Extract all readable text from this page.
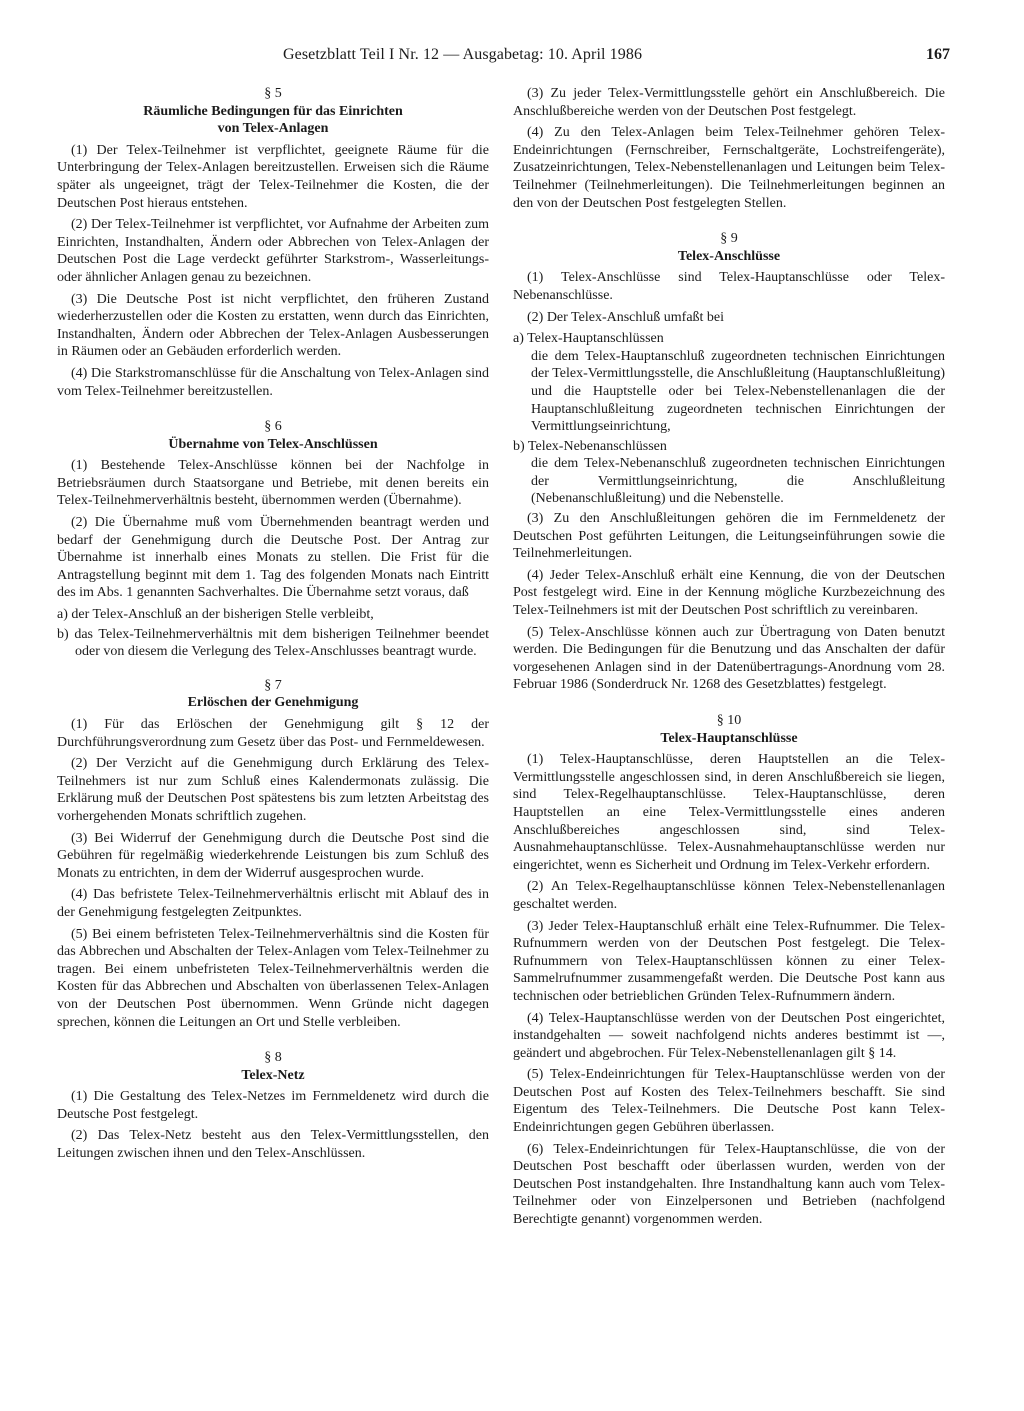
Gesetzblatt Teil I Nr. 12 — Ausgabetag: 10. April 1986	167
§ 5
Räumliche Bedingungen für das Einrichten
von Telex-Anlagen

(1) Der Telex-Teilnehmer ist verpflichtet, geeignete Räume für die Unterbringung der Telex-Anlagen bereitzustellen. Erweisen sich die Räume später als ungeeignet, trägt der Telex-Teilnehmer die Kosten, die der Deutschen Post hieraus entstehen.

(2) Der Telex-Teilnehmer ist verpflichtet, vor Aufnahme der Arbeiten zum Einrichten, Instandhalten, Ändern oder Abbrechen von Telex-Anlagen der Deutschen Post die Lage verdeckt geführter Starkstrom-, Wasserleitungs- oder ähnlicher Anlagen genau zu bezeichnen.

(3) Die Deutsche Post ist nicht verpflichtet, den früheren Zustand wiederherzustellen oder die Kosten zu erstatten, wenn durch das Einrichten, Instandhalten, Ändern oder Abbrechen der Telex-Anlagen Ausbesserungen in Räumen oder an Gebäuden erforderlich werden.

(4) Die Starkstromanschlüsse für die Anschaltung von Telex-Anlagen sind vom Telex-Teilnehmer bereitzustellen.

§ 6
Übernahme von Telex-Anschlüssen

(1) Bestehende Telex-Anschlüsse können bei der Nachfolge in Betriebsräumen durch Staatsorgane und Betriebe, mit denen bereits ein Telex-Teilnehmerverhältnis besteht, übernommen werden (Übernahme).

(2) Die Übernahme muß vom Übernehmenden beantragt werden und bedarf der Genehmigung durch die Deutsche Post. Der Antrag zur Übernahme ist innerhalb eines Monats zu stellen. Die Frist für die Antragstellung beginnt mit dem 1. Tag des folgenden Monats nach Eintritt des im Abs. 1 genannten Sachverhaltes. Die Übernahme setzt voraus, daß

a) der Telex-Anschluß an der bisherigen Stelle verbleibt,
b) das Telex-Teilnehmerverhältnis mit dem bisherigen Teilnehmer beendet oder von diesem die Verlegung des Telex-Anschlusses beantragt wurde.
§ 7
Erlöschen der Genehmigung

(1) Für das Erlöschen der Genehmigung gilt § 12 der Durchführungsverordnung zum Gesetz über das Post- und Fernmeldewesen.

(2) Der Verzicht auf die Genehmigung durch Erklärung des Telex-Teilnehmers ist nur zum Schluß eines Kalendermonats zulässig. Die Erklärung muß der Deutschen Post spätestens bis zum letzten Arbeitstag des vorhergehenden Monats schriftlich zugehen.

(3) Bei Widerruf der Genehmigung durch die Deutsche Post sind die Gebühren für regelmäßig wiederkehrende Leistungen bis zum Schluß des Monats zu entrichten, in dem der Widerruf ausgesprochen wurde.

(4) Das befristete Telex-Teilnehmerverhältnis erlischt mit Ablauf des in der Genehmigung festgelegten Zeitpunktes.

(5) Bei einem befristeten Telex-Teilnehmerverhältnis sind die Kosten für das Abbrechen und Abschalten der Telex-Anlagen vom Telex-Teilnehmer zu tragen. Bei einem unbefristeten Telex-Teilnehmerverhältnis werden die Kosten für das Abbrechen und Abschalten von überlassenen Telex-Anlagen von der Deutschen Post übernommen. Wenn Gründe nicht dagegen sprechen, können die Leitungen an Ort und Stelle verbleiben.

§ 8
Telex-Netz

(1) Die Gestaltung des Telex-Netzes im Fernmeldenetz wird durch die Deutsche Post festgelegt.

(2) Das Telex-Netz besteht aus den Telex-Vermittlungsstellen, den Leitungen zwischen ihnen und den Telex-Anschlüssen.

(3) Zu jeder Telex-Vermittlungsstelle gehört ein Anschlußbereich. Die Anschlußbereiche werden von der Deutschen Post festgelegt.

(4) Zu den Telex-Anlagen beim Telex-Teilnehmer gehören Telex-Endeinrichtungen (Fernschreiber, Fernschaltgeräte, Lochstreifengeräte), Zusatzeinrichtungen, Telex-Nebenstellenanlagen und Leitungen beim Telex-Teilnehmer (Teilnehmerleitungen). Die Teilnehmerleitungen beginnen an den von der Deutschen Post festgelegten Stellen.

§ 9
Telex-Anschlüsse

(1) Telex-Anschlüsse sind Telex-Hauptanschlüsse oder Telex-Nebenanschlüsse.

(2) Der Telex-Anschluß umfaßt bei

a) Telex-Hauptanschlüssen
die dem Telex-Hauptanschluß zugeordneten technischen Einrichtungen der Telex-Vermittlungsstelle, die Anschlußleitung (Hauptanschlußleitung) und die Hauptstelle oder bei Telex-Nebenstellenanlagen die der Hauptanschlußleitung zugeordneten technischen Einrichtungen der Vermittlungseinrichtung,
b) Telex-Nebenanschlüssen
die dem Telex-Nebenanschluß zugeordneten technischen Einrichtungen der Vermittlungseinrichtung, die Anschlußleitung (Nebenanschlußleitung) und die Nebenstelle.

(3) Zu den Anschlußleitungen gehören die im Fernmeldenetz der Deutschen Post geführten Leitungen, die Leitungseinführungen sowie die Teilnehmerleitungen.

(4) Jeder Telex-Anschluß erhält eine Kennung, die von der Deutschen Post festgelegt wird. Eine in der Kennung mögliche Kurzbezeichnung des Telex-Teilnehmers ist mit der Deutschen Post schriftlich zu vereinbaren.

(5) Telex-Anschlüsse können auch zur Übertragung von Daten benutzt werden. Die Bedingungen für die Benutzung und das Anschalten der dafür vorgesehenen Anlagen sind in der Datenübertragungs-Anordnung vom 28. Februar 1986 (Sonderdruck Nr. 1268 des Gesetzblattes) festgelegt.

§ 10
Telex-Hauptanschlüsse

(1) Telex-Hauptanschlüsse, deren Hauptstellen an die Telex-Vermittlungsstelle angeschlossen sind, in deren Anschlußbereich sie liegen, sind Telex-Regelhauptanschlüsse. Telex-Hauptanschlüsse, deren Hauptstellen an eine Telex-Vermittlungsstelle eines anderen Anschlußbereiches angeschlossen sind, sind Telex-Ausnahmehauptanschlüsse. Telex-Ausnahmehauptanschlüsse werden nur eingerichtet, wenn es Sicherheit und Ordnung im Telex-Verkehr erfordern.

(2) An Telex-Regelhauptanschlüsse können Telex-Nebenstellenanlagen geschaltet werden.

(3) Jeder Telex-Hauptanschluß erhält eine Telex-Rufnummer. Die Telex-Rufnummern werden von der Deutschen Post festgelegt. Die Telex-Rufnummern von Telex-Hauptanschlüssen können zu einer Telex-Sammelrufnummer zusammengefaßt werden. Die Deutsche Post kann aus technischen oder betrieblichen Gründen Telex-Rufnummern ändern.

(4) Telex-Hauptanschlüsse werden von der Deutschen Post eingerichtet, instandgehalten — soweit nachfolgend nichts anderes bestimmt ist —, geändert und abgebrochen. Für Telex-Nebenstellenanlagen gilt § 14.

(5) Telex-Endeinrichtungen für Telex-Hauptanschlüsse werden von der Deutschen Post auf Kosten des Telex-Teilnehmers beschafft. Sie sind Eigentum des Telex-Teilnehmers. Die Deutsche Post kann Telex-Endeinrichtungen gegen Gebühren überlassen.

(6) Telex-Endeinrichtungen für Telex-Hauptanschlüsse, die von der Deutschen Post beschafft oder überlassen wurden, werden von der Deutschen Post instandgehalten. Ihre Instandhaltung kann auch vom Telex-Teilnehmer oder von Einzelpersonen und Betrieben (nachfolgend Berechtigte genannt) vorgenommen werden.
